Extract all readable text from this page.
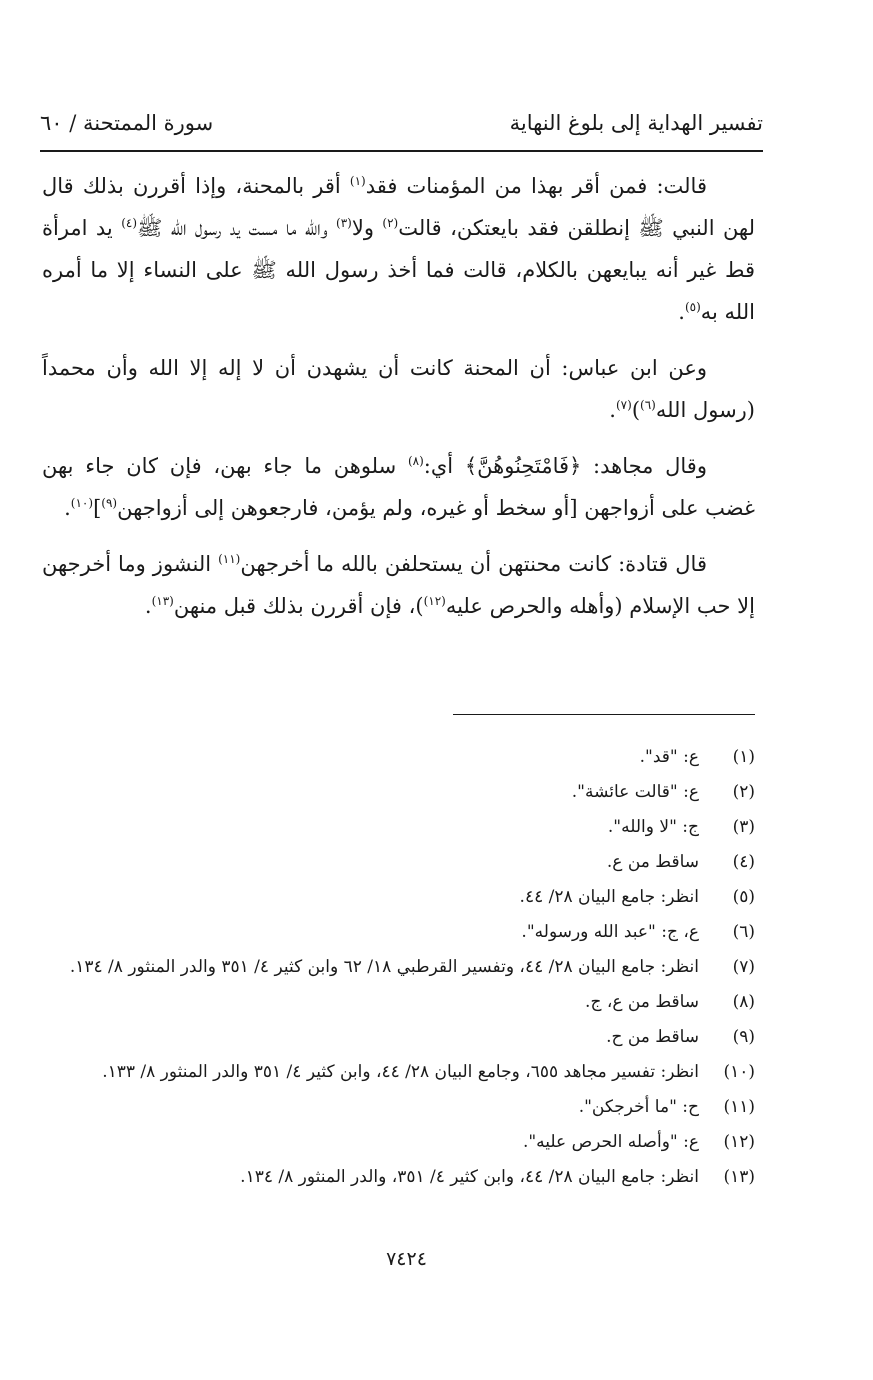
تفسير الهداية إلى بلوغ النهاية
سورة الممتحنة / ٦٠

قالت: فمن أقر بهذا من المؤمنات فقد$^{(١)}$ أقر بالمحنة، وإذا أقررن بذلك قال لهن النبي ﷺ إنطلقن فقد بايعتكن، قالت$^{(٢)}$ ولا$^{(٣)}$ والله ما مست يد رسول الله ﷺ$^{(٤)}$ يد امرأة قط غير أنه يبايعهن بالكلام، قالت فما أخذ رسول الله ﷺ على النساء إلا ما أمره الله به$^{(٥)}$.

وعن ابن عباس: أن المحنة كانت أن يشهدن أن لا إله إلا الله وأن محمداً (رسول الله$^{(٦)}$)$^{(٧)}$.

وقال مجاهد: ﴿فَامْتَحِنُوهُنَّ﴾ أي:$^{(٨)}$ سلوهن ما جاء بهن، فإن كان جاء بهن غضب على أزواجهن [أو سخط أو غيره، ولم يؤمن، فارجعوهن إلى أزواجهن$^{(٩)}$]$^{(١٠)}$.

قال قتادة: كانت محنتهن أن يستحلفن بالله ما أخرجهن$^{(١١)}$ النشوز وما أخرجهن إلا حب الإسلام (وأهله والحرص عليه$^{(١٢)}$)، فإن أقررن بذلك قبل منهن$^{(١٣)}$.

(١)
ع: "قد".
(٢)
ع: "قالت عائشة".
(٣)
ج: "لا والله".
(٤)
ساقط من ع.
(٥)
انظر: جامع البيان ٢٨/ ٤٤.
(٦)
ع، ج: "عبد الله ورسوله".
(٧)
انظر: جامع البيان ٢٨/ ٤٤، وتفسير القرطبي ١٨/ ٦٢ وابن كثير ٤/ ٣٥١ والدر المنثور ٨/ ١٣٤.
(٨)
ساقط من ع، ج.
(٩)
ساقط من ح.
(١٠)
انظر: تفسير مجاهد ٦٥٥، وجامع البيان ٢٨/ ٤٤، وابن كثير ٤/ ٣٥١ والدر المنثور ٨/ ١٣٣.
(١١)
ح: "ما أخرجكن".
(١٢)
ع: "وأصله الحرص عليه".
(١٣)
انظر: جامع البيان ٢٨/ ٤٤، وابن كثير ٤/ ٣٥١، والدر المنثور ٨/ ١٣٤.
٧٤٢٤
